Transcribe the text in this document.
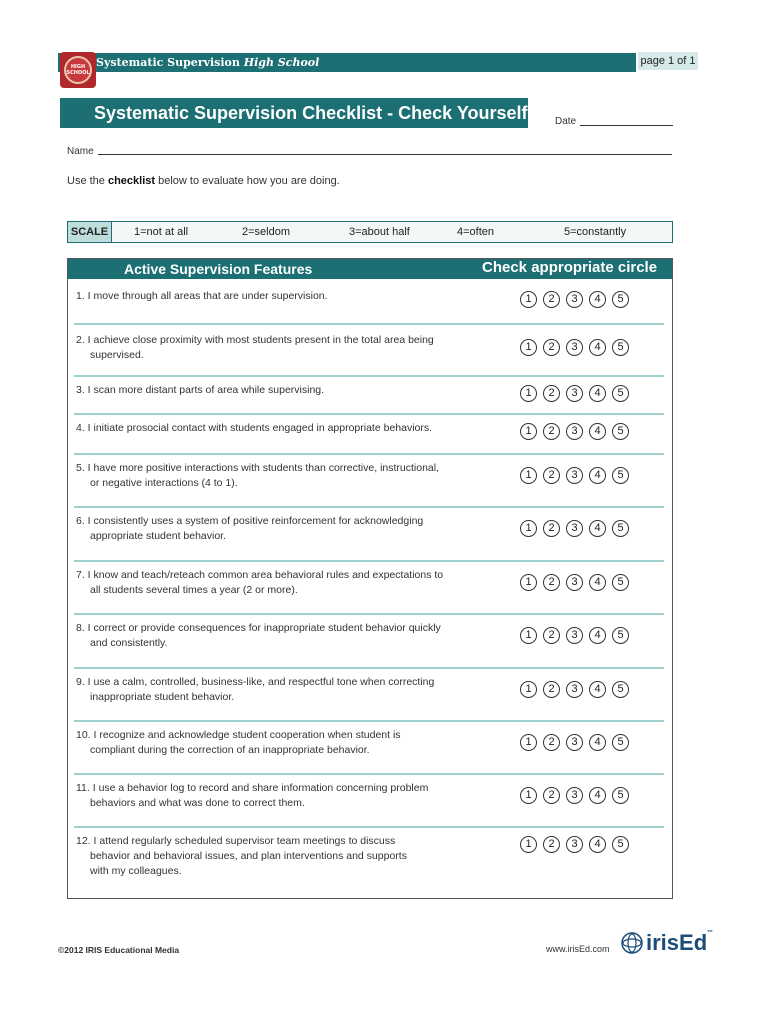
Systematic Supervision High School
HIGH SCHOOL
page 1 of 1
Systematic Supervision Checklist - Check Yourself	Date
Name
Use the checklist below to evaluate how you are doing.
SCALE	1=not at all	2=seldom	3=about half	4=often	5=constantly
Active Supervision Features	Check appropriate circle
1. I move through all areas that are under supervision.	1	2	3	4	5
2. I achieve close proximity with most students present in the total area being
supervised.
1	2	3	4	5
3. I scan more distant parts of area while supervising.	1	2	3	4	5
4. I initiate prosocial contact with students engaged in appropriate behaviors.	1	2	3	4	5
5. I have more positive interactions with students than corrective, instructional,
or negative interactions (4 to 1).
1	2	3	4	5
6. I consistently uses a system of positive reinforcement for acknowledging
appropriate student behavior.
1	2	3	4	5
7. I know and teach/reteach common area behavioral rules and expectations to
all students several times a year (2 or more).
1	2	3	4	5
8. I correct or provide consequences for inappropriate student behavior quickly
and consistently.
1	2	3	4	5
9. I use a calm, controlled, business-like, and respectful tone when correcting
inappropriate student behavior.
1	2	3	4	5
10. I recognize and acknowledge student cooperation when student is
compliant during the correction of an inappropriate behavior.
1	2	3	4	5
11. I use a behavior log to record and share information concerning problem
behaviors and what was done to correct them.
1	2	3	4	5
12. I attend regularly scheduled supervisor team meetings to discuss
behavior and behavioral issues, and plan interventions and supports
with my colleagues.
1	2	3	4	5
©2012 IRIS Educational Media	www.irisEd.com irisEd™
